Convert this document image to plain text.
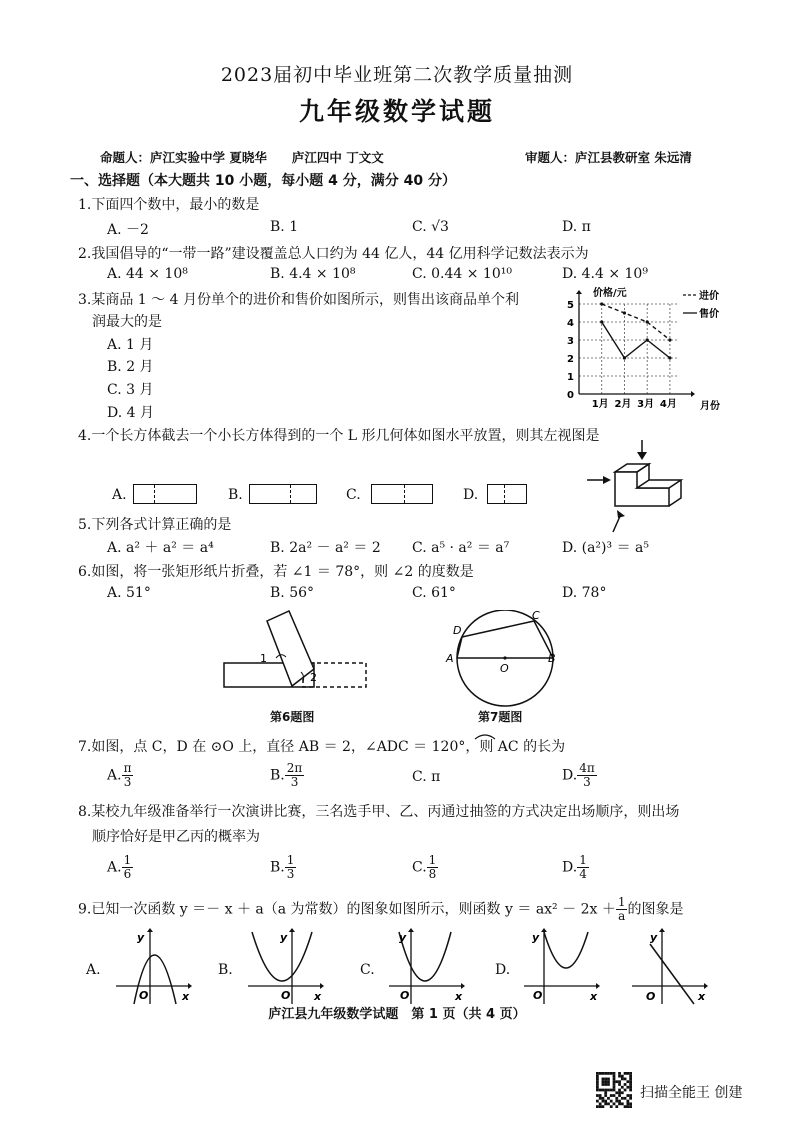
2023届初中毕业班第二次教学质量抽测
九年级数学试题
命题人：庐江实验中学 夏晓华　　庐江四中 丁文文	审题人：庐江县教研室 朱远清
一、选择题（本大题共 10 小题，每小题 4 分，满分 40 分）
1.下面四个数中，最小的数是
A. －2	B. 1	C. √3	D. π
2.我国倡导的“一带一路”建设覆盖总人口约为 44 亿人，44 亿用科学记数法表示为
A. 44 × 10⁸	B. 4.4 × 10⁸	C. 0.44 × 10¹⁰	D. 4.4 × 10⁹
3.某商品 1 ～ 4 月份单个的进价和售价如图所示，则售出该商品单个利
润最大的是
A. 1 月
B. 2 月
C. 3 月
D. 4 月
0
1
2
3
4
5
1月 2月 3月 4月
价格/元
月份
进价
售价
4.一个长方体截去一个小长方体得到的一个 L 形几何体如图水平放置，则其左视图是
A.	B.	C.	D.
5.下列各式计算正确的是
A. a² ＋ a² ＝ a⁴	B. 2a² － a² ＝ 2 C. a⁵ · a² ＝ a⁷	D. (a²)³ ＝ a⁵
6.如图，将一张矩形纸片折叠，若 ∠1 ＝ 78°，则 ∠2 的度数是
A. 51°	B. 56°	C. 61°	D. 78°
1
2
第6题图
D
C
A
O
B
第7题图
7.如图，点 C，D 在 ⊙O 上，直径 AB ＝ 2，∠ADC ＝ 120°，则 AC 的长为
A. $\frac{\pi}{3}$	B. $\frac{2\pi}{3}$	C. π	D. $\frac{4\pi}{3}$
8.某校九年级准备举行一次演讲比赛，三名选手甲、乙、丙通过抽签的方式决定出场顺序，则出场
顺序恰好是甲乙丙的概率为
A. $\frac{1}{6}$	B. $\frac{1}{3}$	C. $\frac{1}{8}$	D. $\frac{1}{4}$
9.已知一次函数 y ＝－ x ＋ a（a 为常数）的图象如图所示，则函数 $y = ax^2 - 2x + \frac{1}{a}$ 的图象是
A.	B.	C.	D.
y
x
O
y
x
O
y
x
O
y
x
O
y
x
O
庐江县九年级数学试题　第 1 页（共 4 页）
扫描全能王 创建
